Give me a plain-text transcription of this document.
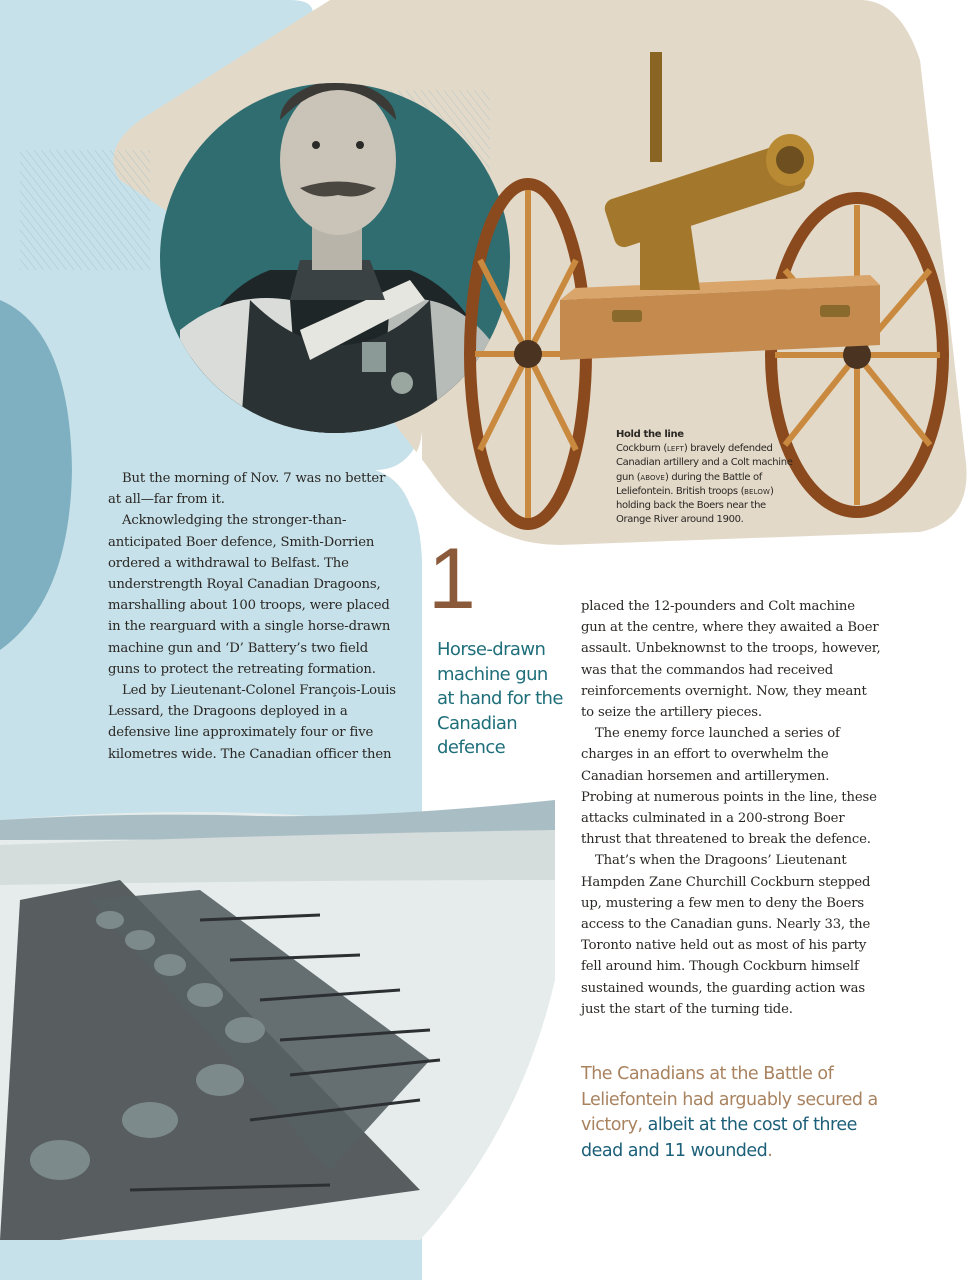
Hold the line
Cockburn (LEFT) bravely defended Canadian artillery and a Colt machine gun (ABOVE) during the Battle of Leliefontein. British troops (BELOW) holding back the Boers near the Orange River around 1900.

But the morning of Nov. 7 was no better at all—far from it.

Acknowledging the stronger-than-anticipated Boer defence, Smith-Dorrien ordered a withdrawal to Belfast. The understrength Royal Canadian Dragoons, marshalling about 100 troops, were placed in the rearguard with a single horse-drawn machine gun and ‘D’ Battery’s two field guns to protect the retreating formation.

Led by Lieutenant-Colonel François-Louis Lessard, the Dragoons deployed in a defensive line approximately four or five kilometres wide. The Canadian officer then

1
Horse-drawn machine gun at hand for the Canadian defence

placed the 12-pounders and Colt machine gun at the centre, where they awaited a Boer assault. Unbeknownst to the troops, however, was that the commandos had received reinforcements overnight. Now, they meant to seize the artillery pieces.

The enemy force launched a series of charges in an effort to overwhelm the Canadian horsemen and artillerymen. Probing at numerous points in the line, these attacks culminated in a 200-strong Boer thrust that threatened to break the defence.

That’s when the Dragoons’ Lieutenant Hampden Zane Churchill Cockburn stepped up, mustering a few men to deny the Boers access to the Canadian guns. Nearly 33, the Toronto native held out as most of his party fell around him. Though Cockburn himself sustained wounds, the guarding action was just the start of the turning tide.

The Canadians at the Battle of Leliefontein had arguably secured a victory, albeit at the cost of three dead and 11 wounded.
